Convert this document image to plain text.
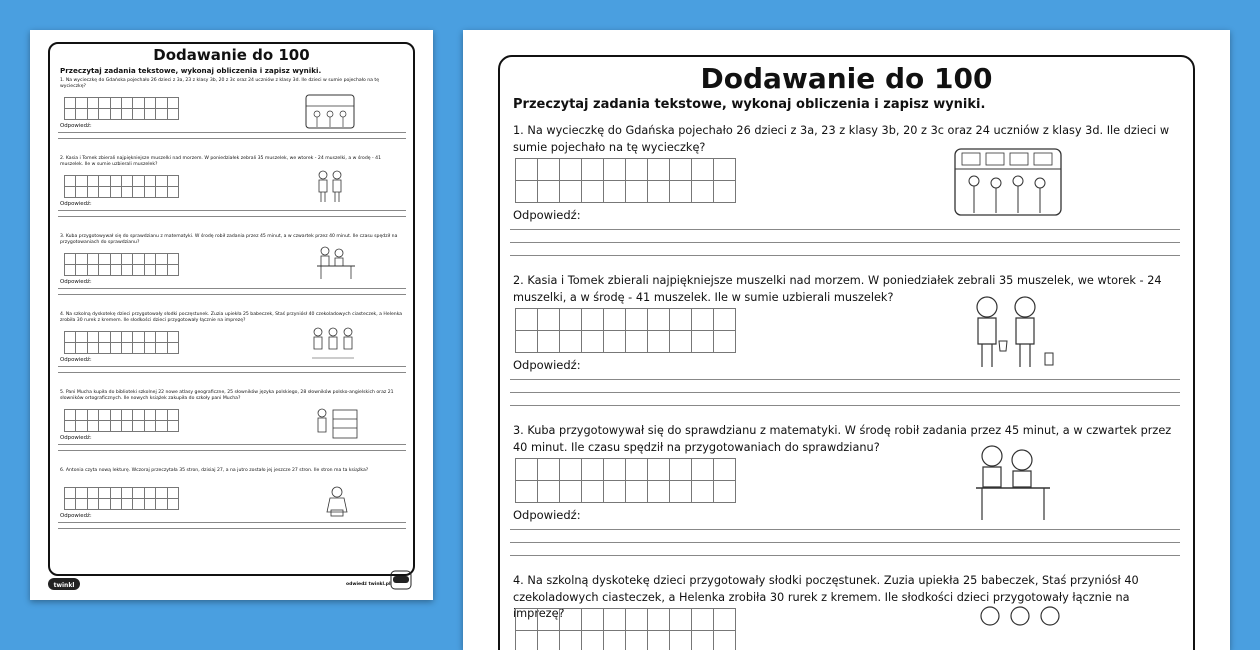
Dodawanie do 100
Przeczytaj zadania tekstowe, wykonaj obliczenia i zapisz wyniki.
1. Na wycieczkę do Gdańska pojechało 26 dzieci z 3a, 23 z klasy 3b, 20 z 3c oraz 24 uczniów z klasy 3d. Ile dzieci w sumie pojechało na tę wycieczkę?
Odpowiedź:
2. Kasia i Tomek zbierali najpiękniejsze muszelki nad morzem. W poniedziałek zebrali 35 muszelek, we wtorek - 24 muszelki, a w środę - 41 muszelek. Ile w sumie uzbierali muszelek?
Odpowiedź:
3. Kuba przygotowywał się do sprawdzianu z matematyki. W środę robił zadania przez 45 minut, a w czwartek przez 40 minut. Ile czasu spędził na przygotowaniach do sprawdzianu?
Odpowiedź:
4. Na szkolną dyskotekę dzieci przygotowały słodki poczęstunek. Zuzia upiekła 25 babeczek, Staś przyniósł 40 czekoladowych ciasteczek, a Helenka zrobiła 30 rurek z kremem. Ile słodkości dzieci przygotowały łącznie na imprezę?
Odpowiedź:
5. Pani Mucha kupiła do biblioteki szkolnej 22 nowe atlasy geograficzne, 25 słowników języka polskiego, 28 słowników polsko-angielskich oraz 21 słowników ortograficznych. Ile nowych książek zakupiła do szkoły pani Mucha?
Odpowiedź:
6. Antonia czyta nową lekturę. Wczoraj przeczytała 35 stron, dzisiaj 27, a na jutro zostało jej jeszcze 27 stron. Ile stron ma ta książka?
Odpowiedź:
twinkl	odwiedź twinkl.pl
Dodawanie do 100
Przeczytaj zadania tekstowe, wykonaj obliczenia i zapisz wyniki.
1. Na wycieczkę do Gdańska pojechało 26 dzieci z 3a, 23 z klasy 3b, 20 z 3c oraz 24 uczniów z klasy 3d. Ile dzieci w sumie pojechało na tę wycieczkę?
Odpowiedź:
2. Kasia i Tomek zbierali najpiękniejsze muszelki nad morzem. W poniedziałek zebrali 35 muszelek, we wtorek - 24 muszelki, a w środę - 41 muszelek. Ile w sumie uzbierali muszelek?
Odpowiedź:
3. Kuba przygotowywał się do sprawdzianu z matematyki. W środę robił zadania przez 45 minut, a w czwartek przez 40 minut. Ile czasu spędził na przygotowaniach do sprawdzianu?
Odpowiedź:
4. Na szkolną dyskotekę dzieci przygotowały słodki poczęstunek. Zuzia upiekła 25 babeczek, Staś przyniósł 40 czekoladowych ciasteczek, a Helenka zrobiła 30 rurek z kremem. Ile słodkości dzieci przygotowały łącznie na imprezę?
